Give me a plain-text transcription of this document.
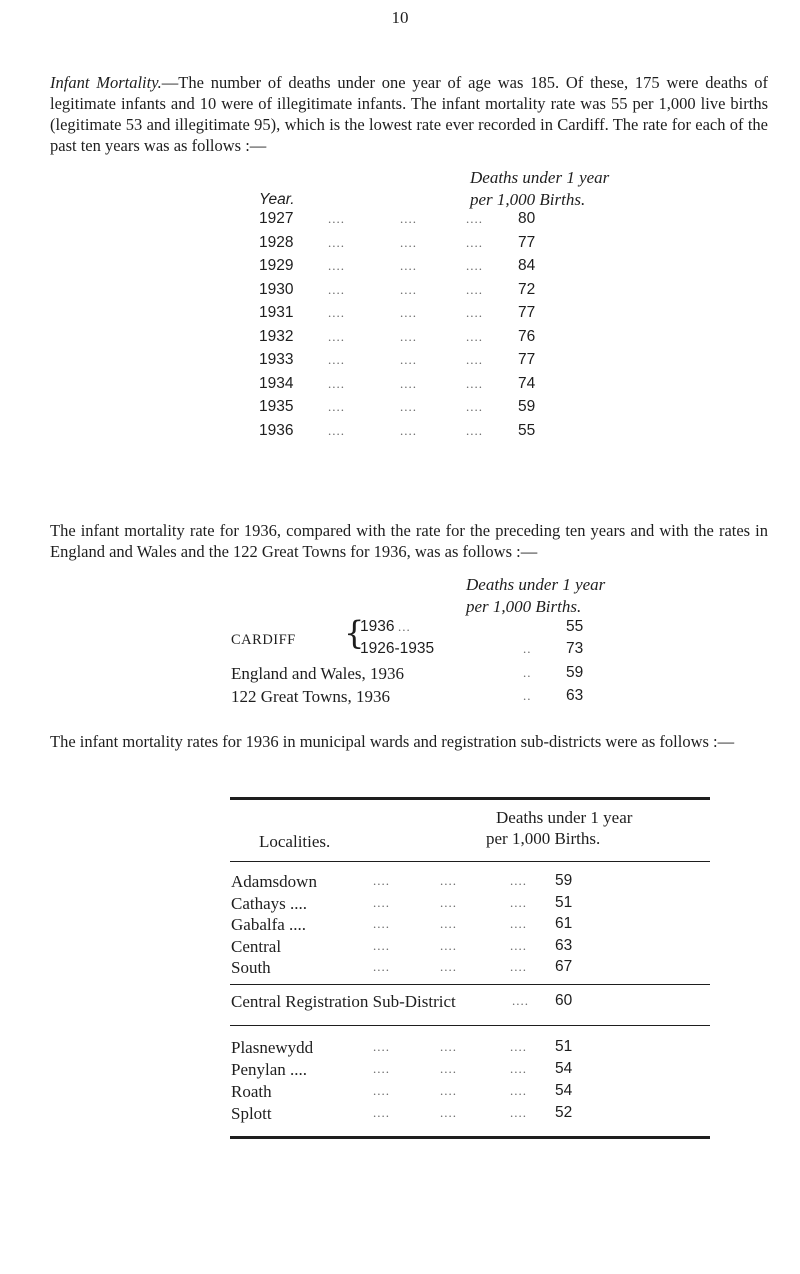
10
Infant Mortality.—The number of deaths under one year of age was 185. Of these, 175 were deaths of legitimate infants and 10 were of illegitimate infants. The infant mortality rate was 55 per 1,000 live births (legitimate 53 and illegitimate 95), which is the lowest rate ever recorded in Cardiff. The rate for each of the past ten years was as follows :—
Deaths under 1 year
per 1,000 Births.
Year.
1927	....	....	.... 80
1928	....	....	.... 77
1929	....	....	.... 84
1930	....	....	.... 72
1931	....	....	.... 77
1932	....	....	.... 76
1933	....	....	.... 77
1934	....	....	.... 74
1935	....	....	.... 59
1936	....	....	.... 55
The infant mortality rate for 1936, compared with the rate for the preceding ten years and with the rates in England and Wales and the 122 Great Towns for 1936, was as follows :—
Deaths under 1 year
per 1,000 Births.
CARDIFF {
1936 ...	55
1926-1935	.. 73
England and Wales, 1936	.. 59
122 Great Towns, 1936	.. 63
The infant mortality rates for 1936 in municipal wards and registration sub-districts were as follows :—
Deaths under 1 year
per 1,000 Births.
Localities.
Adamsdown	....	....	.... 59
Cathays ....	....	....	.... 51
Gabalfa ....	....	....	.... 61
Central	....	....	.... 63
South	....	....	.... 67
Central Registration Sub-District	.... 60
Plasnewydd	....	....	.... 51
Penylan ....	....	....	.... 54
Roath	....	....	.... 54
Splott	....	....	.... 52
